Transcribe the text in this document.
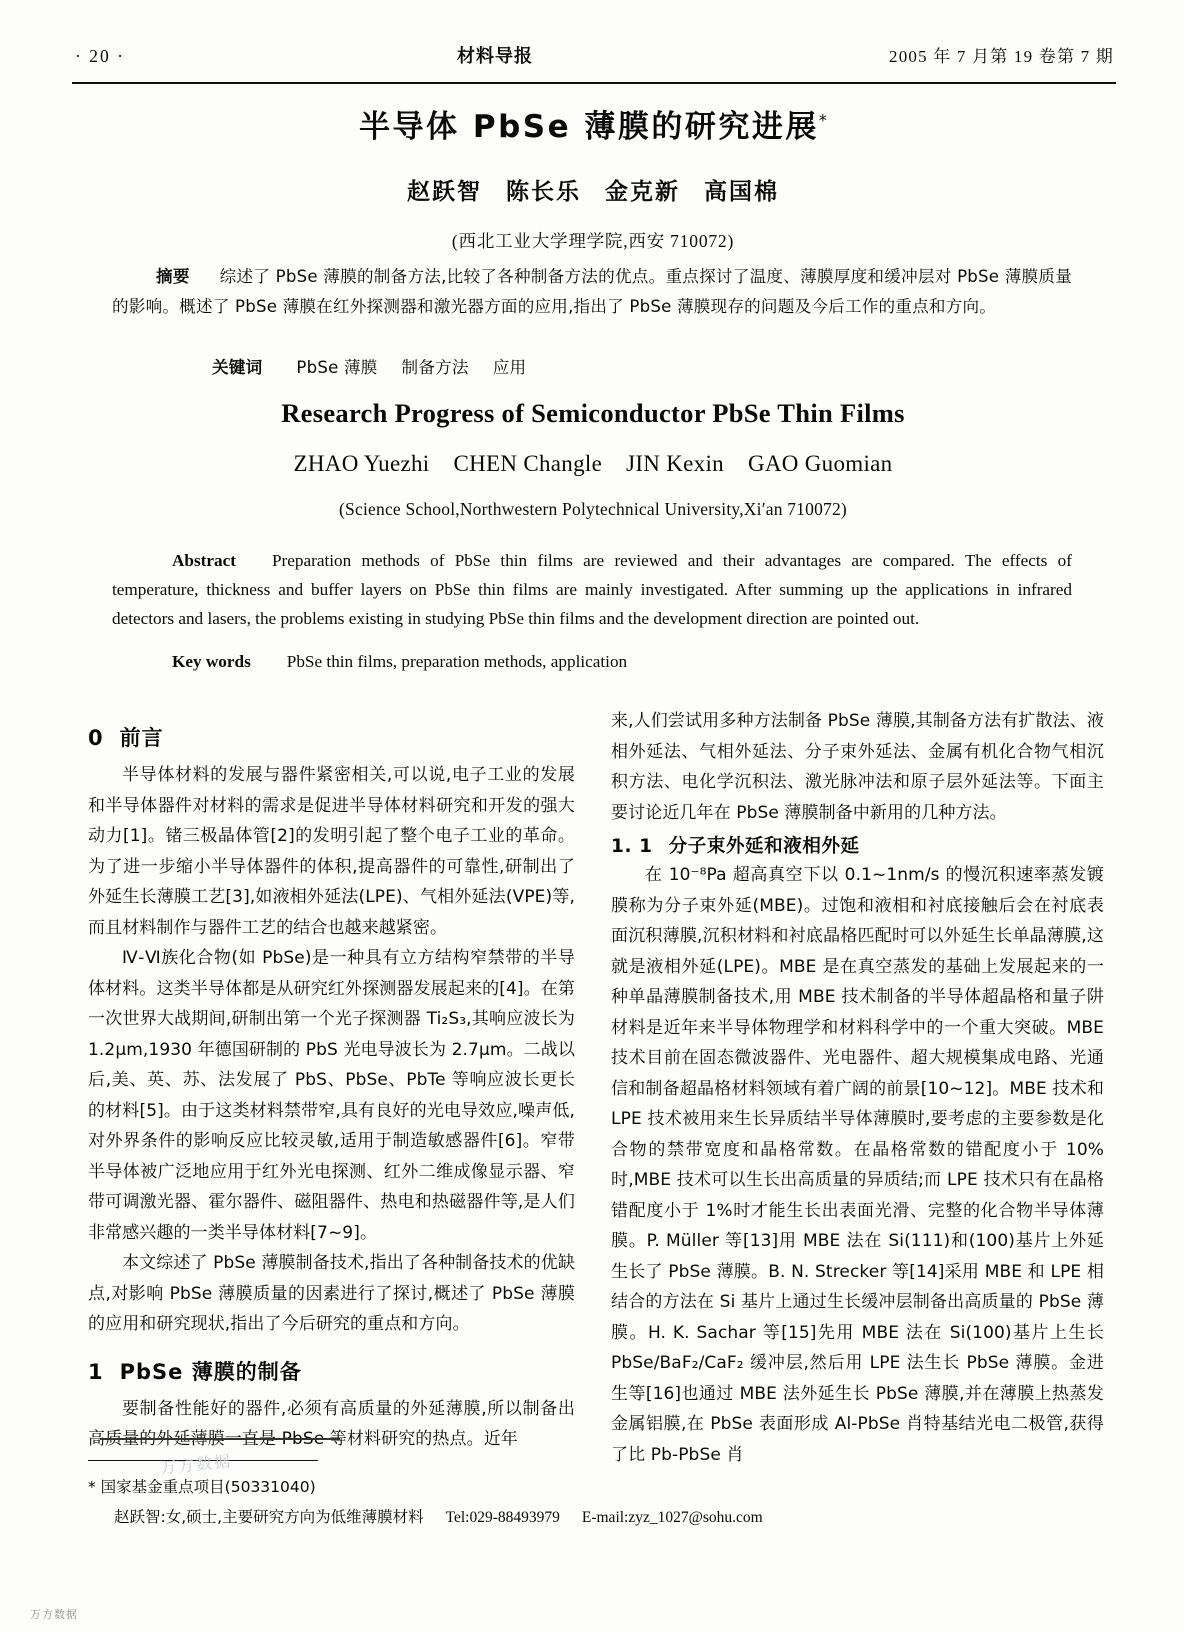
· 20 ·	材料导报	2005 年 7 月第 19 卷第 7 期
半导体 PbSe 薄膜的研究进展*
赵跃智 陈长乐 金克新 高国棉
(西北工业大学理学院,西安 710072)
摘要 综述了 PbSe 薄膜的制备方法,比较了各种制备方法的优点。重点探讨了温度、薄膜厚度和缓冲层对 PbSe 薄膜质量的影响。概述了 PbSe 薄膜在红外探测器和激光器方面的应用,指出了 PbSe 薄膜现存的问题及今后工作的重点和方向。
关键词 PbSe 薄膜 制备方法 应用
Research Progress of Semiconductor PbSe Thin Films
ZHAO Yuezhi CHEN Changle JIN Kexin GAO Guomian
(Science School,Northwestern Polytechnical University,Xi′an 710072)
Abstract Preparation methods of PbSe thin films are reviewed and their advantages are compared. The effects of temperature, thickness and buffer layers on PbSe thin films are mainly investigated. After summing up the applications in infrared detectors and lasers, the problems existing in studying PbSe thin films and the development direction are pointed out.
Key words PbSe thin films, preparation methods, application
0 前言

半导体材料的发展与器件紧密相关,可以说,电子工业的发展和半导体器件对材料的需求是促进半导体材料研究和开发的强大动力[1]。锗三极晶体管[2]的发明引起了整个电子工业的革命。为了进一步缩小半导体器件的体积,提高器件的可靠性,研制出了外延生长薄膜工艺[3],如液相外延法(LPE)、气相外延法(VPE)等,而且材料制作与器件工艺的结合也越来越紧密。

Ⅳ-Ⅵ族化合物(如 PbSe)是一种具有立方结构窄禁带的半导体材料。这类半导体都是从研究红外探测器发展起来的[4]。在第一次世界大战期间,研制出第一个光子探测器 Ti₂S₃,其响应波长为 1.2μm,1930 年德国研制的 PbS 光电导波长为 2.7μm。二战以后,美、英、苏、法发展了 PbS、PbSe、PbTe 等响应波长更长的材料[5]。由于这类材料禁带窄,具有良好的光电导效应,噪声低,对外界条件的影响反应比较灵敏,适用于制造敏感器件[6]。窄带半导体被广泛地应用于红外光电探测、红外二维成像显示器、窄带可调激光器、霍尔器件、磁阻器件、热电和热磁器件等,是人们非常感兴趣的一类半导体材料[7~9]。

本文综述了 PbSe 薄膜制备技术,指出了各种制备技术的优缺点,对影响 PbSe 薄膜质量的因素进行了探讨,概述了 PbSe 薄膜的应用和研究现状,指出了今后研究的重点和方向。

1 PbSe 薄膜的制备

要制备性能好的器件,必须有高质量的外延薄膜,所以制备出高质量的外延薄膜一直是 PbSe 等材料研究的热点。近年

来,人们尝试用多种方法制备 PbSe 薄膜,其制备方法有扩散法、液相外延法、气相外延法、分子束外延法、金属有机化合物气相沉积方法、电化学沉积法、激光脉冲法和原子层外延法等。下面主要讨论近几年在 PbSe 薄膜制备中新用的几种方法。

1. 1 分子束外延和液相外延

在 10⁻⁸Pa 超高真空下以 0.1~1nm/s 的慢沉积速率蒸发镀膜称为分子束外延(MBE)。过饱和液相和衬底接触后会在衬底表面沉积薄膜,沉积材料和衬底晶格匹配时可以外延生长单晶薄膜,这就是液相外延(LPE)。MBE 是在真空蒸发的基础上发展起来的一种单晶薄膜制备技术,用 MBE 技术制备的半导体超晶格和量子阱材料是近年来半导体物理学和材料科学中的一个重大突破。MBE 技术目前在固态微波器件、光电器件、超大规模集成电路、光通信和制备超晶格材料领域有着广阔的前景[10~12]。MBE 技术和 LPE 技术被用来生长异质结半导体薄膜时,要考虑的主要参数是化合物的禁带宽度和晶格常数。在晶格常数的错配度小于 10%时,MBE 技术可以生长出高质量的异质结;而 LPE 技术只有在晶格错配度小于 1%时才能生长出表面光滑、完整的化合物半导体薄膜。P. Müller 等[13]用 MBE 法在 Si(111)和(100)基片上外延生长了 PbSe 薄膜。B. N. Strecker 等[14]采用 MBE 和 LPE 相结合的方法在 Si 基片上通过生长缓冲层制备出高质量的 PbSe 薄膜。H. K. Sachar 等[15]先用 MBE 法在 Si(100)基片上生长 PbSe/BaF₂/CaF₂ 缓冲层,然后用 LPE 法生长 PbSe 薄膜。金进生等[16]也通过 MBE 法外延生长 PbSe 薄膜,并在薄膜上热蒸发金属铝膜,在 PbSe 表面形成 Al-PbSe 肖特基结光电二极管,获得了比 Pb-PbSe 肖

* 国家基金重点项目(50331040)
赵跃智:女,硕士,主要研究方向为低维薄膜材料 Tel:029-88493979 E-mail:zyz_1027@sohu.com
万方数据
万方数据
